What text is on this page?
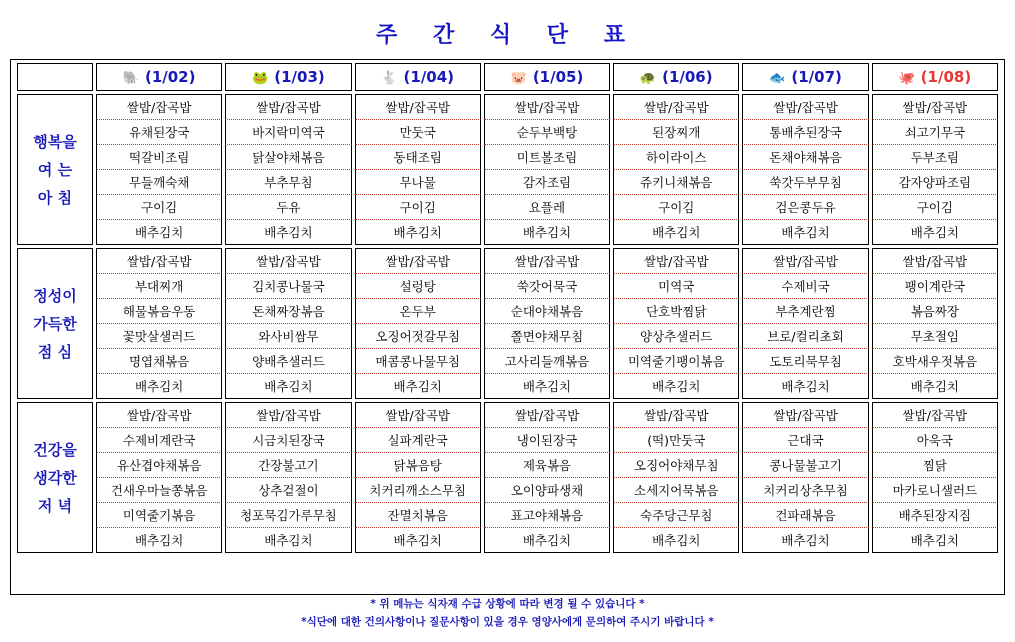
주 간 식 단 표
	🐘 (1/02)	🐸 (1/03)	🐇 (1/04)	🐷 (1/05)	🐢 (1/06)	🐟 (1/07)	🐙 (1/08)

행복을
여 는
아 침	쌀밥/잡곡밥	쌀밥/잡곡밥	쌀밥/잡곡밥	쌀밥/잡곡밥	쌀밥/잡곡밥	쌀밥/잡곡밥	쌀밥/잡곡밥
	유채된장국	바지락미역국	만둣국	순두부백탕	된장찌개	통배추된장국	쇠고기무국
	떡갈비조림	닭살야채볶음	동태조림	미트볼조림	하이라이스	돈채야채볶음	두부조림
	무들깨숙채	부추무침	무나물	감자조림	쥬키니채볶음	쑥갓두부무침	감자양파조림
	구이김	두유	구이김	요플레	구이김	검은콩두유	구이김
	배추김치	배추김치	배추김치	배추김치	배추김치	배추김치	배추김치

정성이
가득한
점 심	쌀밥/잡곡밥	쌀밥/잡곡밥	쌀밥/잡곡밥	쌀밥/잡곡밥	쌀밥/잡곡밥	쌀밥/잡곡밥	쌀밥/잡곡밥
	부대찌개	김치콩나물국	설렁탕	쑥갓어묵국	미역국	수제비국	팽이계란국
	해물볶음우동	돈채짜장볶음	온두부	순대야채볶음	단호박찜닭	부추계란찜	볶음짜장
	꽃맛살샐러드	와사비쌈무	오징어젓갈무침	쫄면야채무침	양상추샐러드	브로/컬리초회	무초절임
	명엽채볶음	양배추샐러드	매콤콩나물무침	고사리들깨볶음	미역줄기팽이볶음	도토리묵무침	호박새우젓볶음
	배추김치	배추김치	배추김치	배추김치	배추김치	배추김치	배추김치

건강을
생각한
저 녁	쌀밥/잡곡밥	쌀밥/잡곡밥	쌀밥/잡곡밥	쌀밥/잡곡밥	쌀밥/잡곡밥	쌀밥/잡곡밥	쌀밥/잡곡밥
	수제비계란국	시금치된장국	실파계란국	냉이된장국	(떡)만둣국	근대국	아욱국
	유산겹야채볶음	간장불고기	닭볶음탕	제육볶음	오징어야채무침	콩나물불고기	찜닭
	건새우마늘쫑볶음	상추겉절이	치커리깨소스무침	오이양파생채	소세지어묵볶음	치커리상추무침	마카로니샐러드
	미역줄기볶음	청포묵김가루무침	잔멸치볶음	표고야채볶음	숙주당근무침	건파래볶음	배추된장지짐
	배추김치	배추김치	배추김치	배추김치	배추김치	배추김치	배추김치
* 위 메뉴는 식자재 수급 상황에 따라 변경 될 수 있습니다 *
*식단에 대한 건의사항이나 질문사항이 있을 경우 영양사에게 문의하여 주시기 바랍니다 *
